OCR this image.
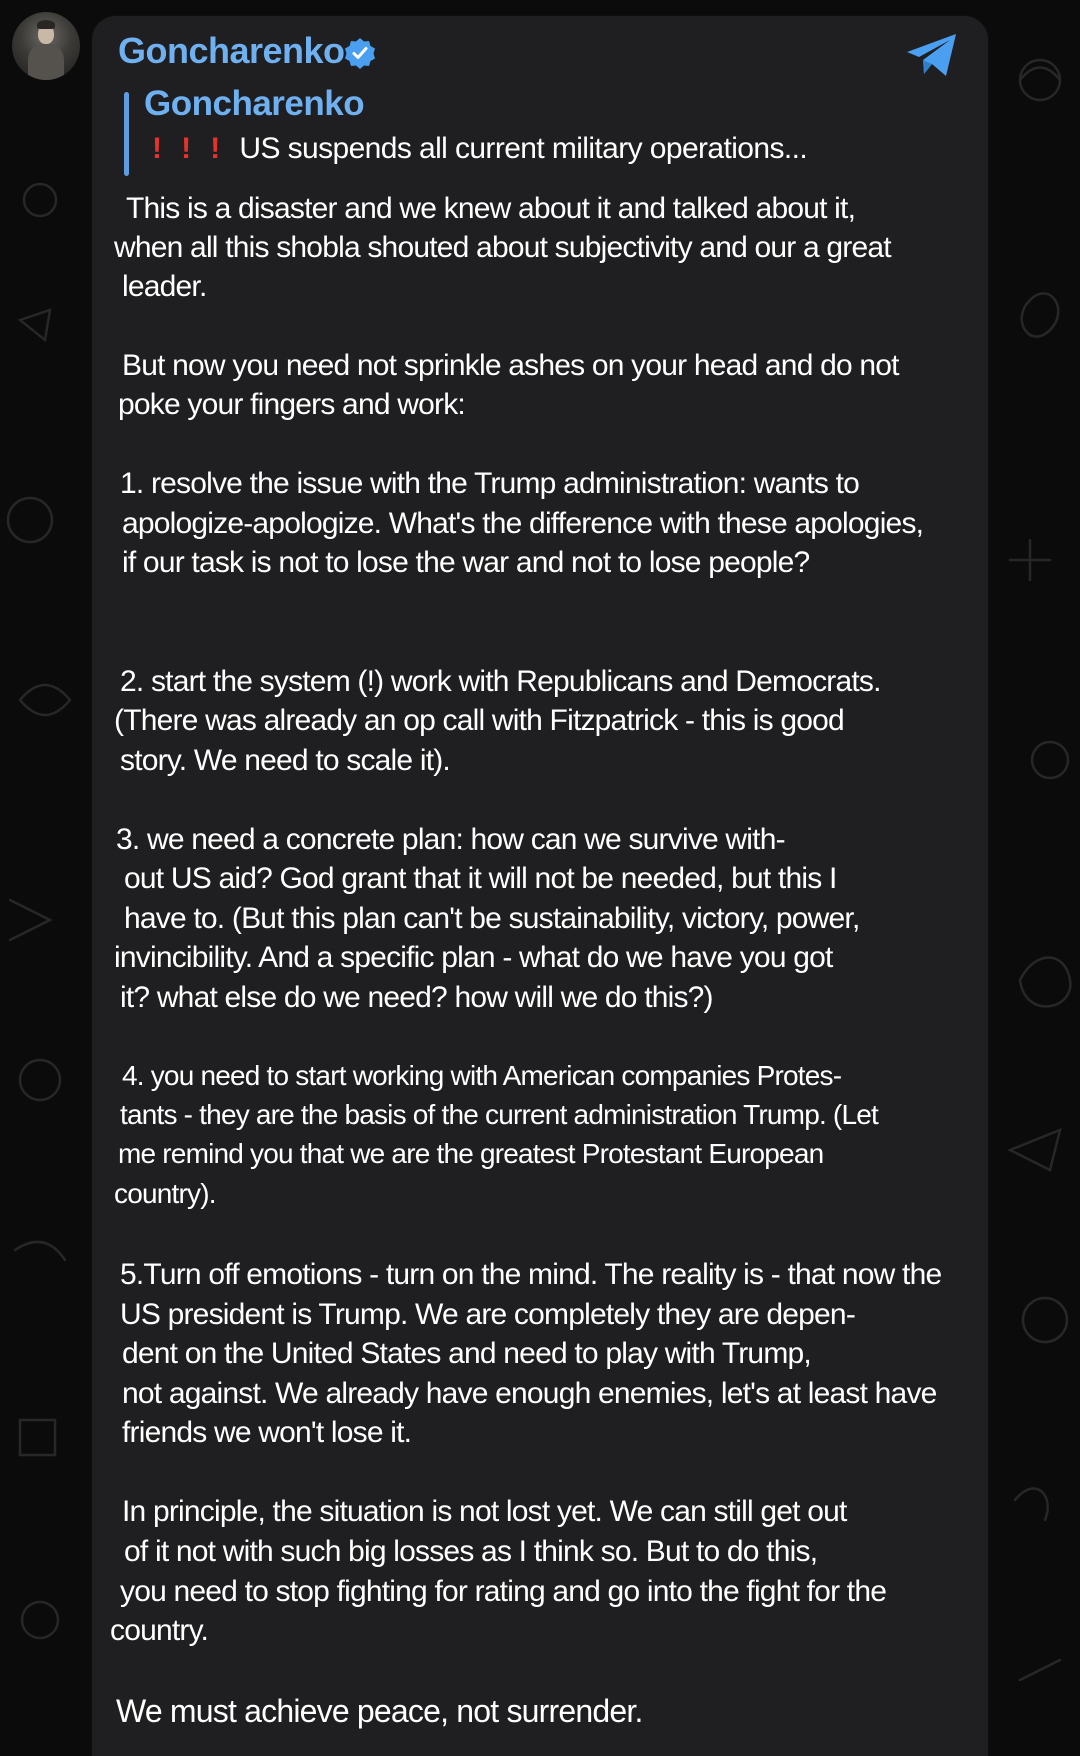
Goncharenko
Goncharenko
! ! ! US suspends all current military operations...
This is a disaster and we knew about it and talked about it,
when all this shobla shouted about subjectivity and our a great
leader.
But now you need not sprinkle ashes on your head and do not
poke your fingers and work:
1. resolve the issue with the Trump administration: wants to
apologize-apologize. What's the difference with these apologies,
if our task is not to lose the war and not to lose people?
2. start the system (!) work with Republicans and Democrats.
(There was already an op call with Fitzpatrick - this is good
story. We need to scale it).
3. we need a concrete plan: how can we survive with-
out US aid? God grant that it will not be needed, but this I
have to. (But this plan can't be sustainability, victory, power,
invincibility. And a specific plan - what do we have you got
it? what else do we need? how will we do this?)
4. you need to start working with American companies Protes-
tants - they are the basis of the current administration Trump. (Let
me remind you that we are the greatest Protestant European
country).
5.Turn off emotions - turn on the mind. The reality is - that now the
US president is Trump. We are completely they are depen-
dent on the United States and need to play with Trump,
not against. We already have enough enemies, let's at least have
friends we won't lose it.
In principle, the situation is not lost yet. We can still get out
of it not with such big losses as I think so. But to do this,
you need to stop fighting for rating and go into the fight for the
country.
We must achieve peace, not surrender.
